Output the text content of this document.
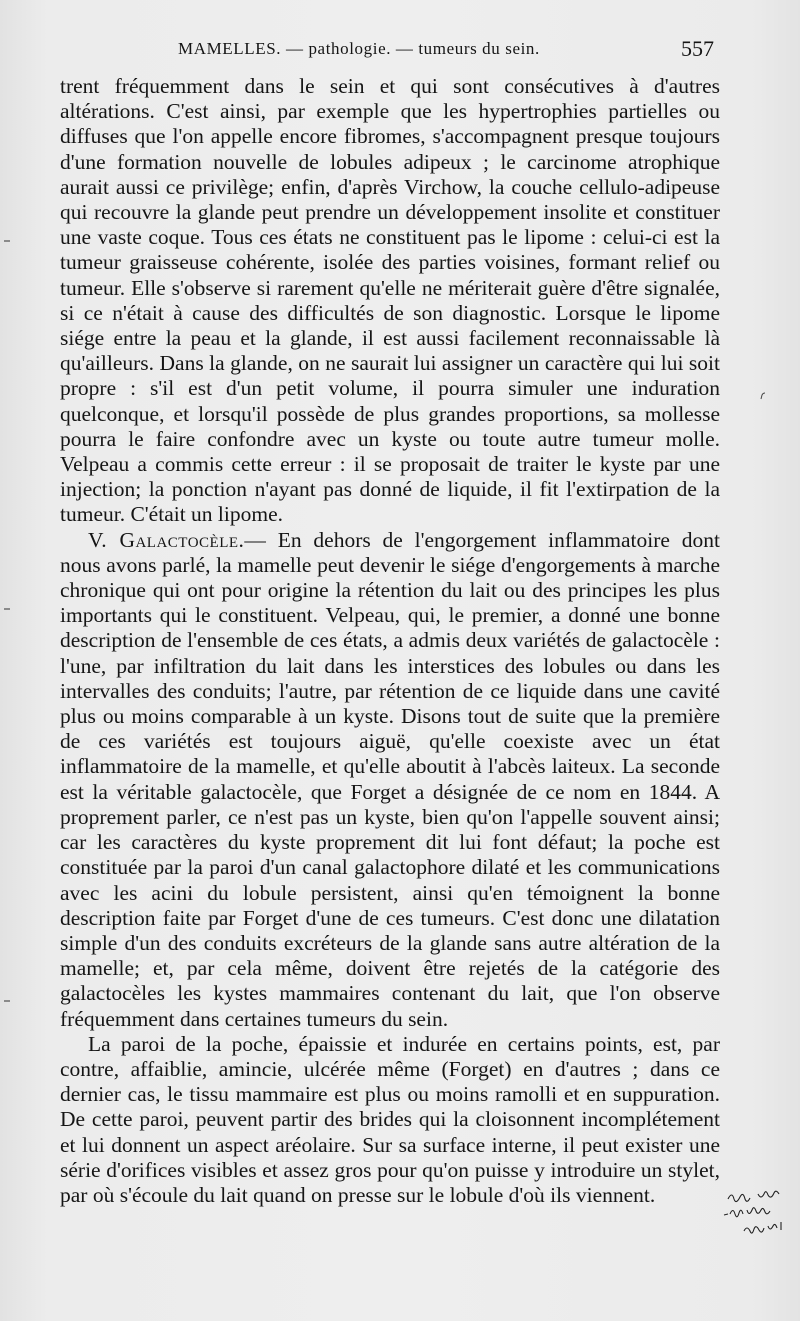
MAMELLES. — pathologie. — tumeurs du sein.	557

trent fréquemment dans le sein et qui sont consécutives à d'autres altérations. C'est ainsi, par exemple que les hypertrophies partielles ou diffuses que l'on appelle encore fibromes, s'accompagnent presque toujours d'une formation nouvelle de lobules adipeux ; le carcinome atrophique aurait aussi ce privilège; enfin, d'après Virchow, la couche cellulo-adipeuse qui recouvre la glande peut prendre un développement insolite et constituer une vaste coque. Tous ces états ne constituent pas le lipome : celui-ci est la tumeur graisseuse cohérente, isolée des parties voisines, formant relief ou tumeur. Elle s'observe si rarement qu'elle ne mériterait guère d'être signalée, si ce n'était à cause des difficultés de son diagnostic. Lorsque le lipome siége entre la peau et la glande, il est aussi facilement reconnaissable là qu'ailleurs. Dans la glande, on ne saurait lui assigner un caractère qui lui soit propre : s'il est d'un petit volume, il pourra simuler une induration quelconque, et lorsqu'il possède de plus grandes proportions, sa mollesse pourra le faire confondre avec un kyste ou toute autre tumeur molle. Velpeau a commis cette erreur : il se proposait de traiter le kyste par une injection; la ponction n'ayant pas donné de liquide, il fit l'extirpation de la tumeur. C'était un lipome.

V. Galactocèle.— En dehors de l'engorgement inflammatoire dont nous avons parlé, la mamelle peut devenir le siége d'engorgements à marche chronique qui ont pour origine la rétention du lait ou des principes les plus importants qui le constituent. Velpeau, qui, le premier, a donné une bonne description de l'ensemble de ces états, a admis deux variétés de galactocèle : l'une, par infiltration du lait dans les interstices des lobules ou dans les intervalles des conduits; l'autre, par rétention de ce liquide dans une cavité plus ou moins comparable à un kyste. Disons tout de suite que la première de ces variétés est toujours aiguë, qu'elle coexiste avec un état inflammatoire de la mamelle, et qu'elle aboutit à l'abcès laiteux. La seconde est la véritable galactocèle, que Forget a désignée de ce nom en 1844. A proprement parler, ce n'est pas un kyste, bien qu'on l'appelle souvent ainsi; car les caractères du kyste proprement dit lui font défaut; la poche est constituée par la paroi d'un canal galactophore dilaté et les communications avec les acini du lobule persistent, ainsi qu'en témoignent la bonne description faite par Forget d'une de ces tumeurs. C'est donc une dilatation simple d'un des conduits excréteurs de la glande sans autre altération de la mamelle; et, par cela même, doivent être rejetés de la catégorie des galactocèles les kystes mammaires contenant du lait, que l'on observe fréquemment dans certaines tumeurs du sein.

La paroi de la poche, épaissie et indurée en certains points, est, par contre, affaiblie, amincie, ulcérée même (Forget) en d'autres ; dans ce dernier cas, le tissu mammaire est plus ou moins ramolli et en suppuration. De cette paroi, peuvent partir des brides qui la cloisonnent incomplétement et lui donnent un aspect aréolaire. Sur sa surface interne, il peut exister une série d'orifices visibles et assez gros pour qu'on puisse y introduire un stylet, par où s'écoule du lait quand on presse sur le lobule d'où ils viennent.
